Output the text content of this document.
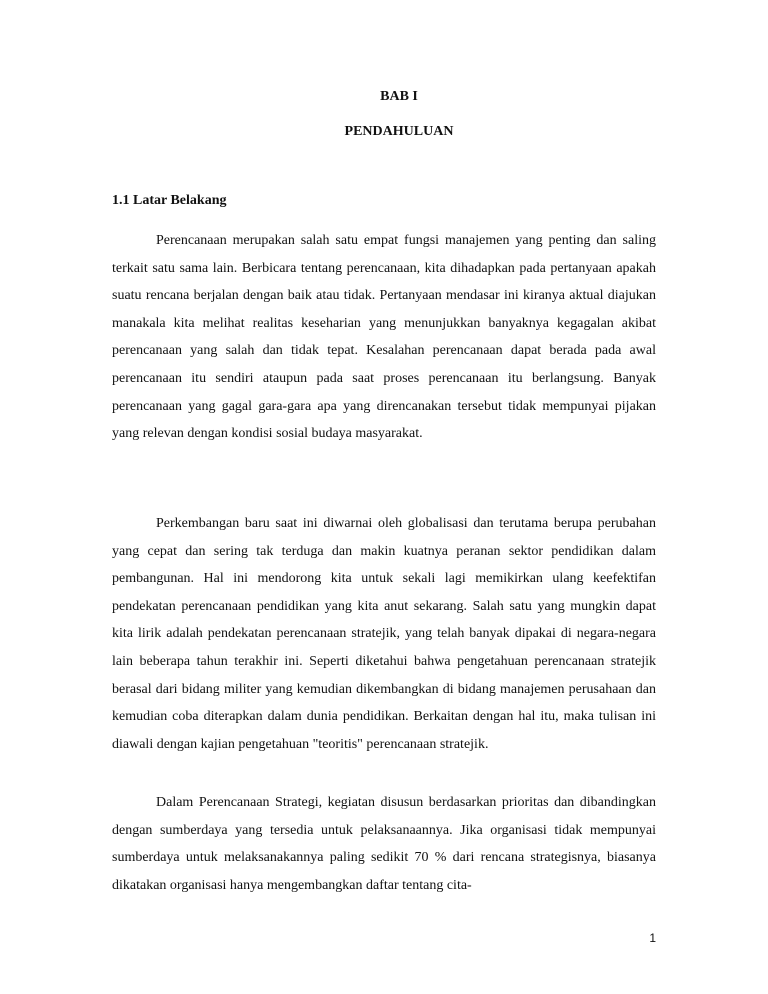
BAB I
PENDAHULUAN
1.1 Latar Belakang

Perencanaan merupakan salah satu empat fungsi manajemen yang penting dan saling terkait satu sama lain. Berbicara tentang perencanaan, kita dihadapkan pada pertanyaan apakah suatu rencana berjalan dengan baik atau tidak. Pertanyaan mendasar ini kiranya aktual diajukan manakala kita melihat realitas keseharian yang menunjukkan banyaknya kegagalan akibat perencanaan yang salah dan tidak tepat. Kesalahan perencanaan dapat berada pada awal perencanaan itu sendiri ataupun pada saat proses perencanaan itu berlangsung. Banyak perencanaan yang gagal gara-gara apa yang direncanakan tersebut tidak mempunyai pijakan yang relevan dengan kondisi sosial budaya masyarakat.

Perkembangan baru saat ini diwarnai oleh globalisasi dan terutama berupa perubahan yang cepat dan sering tak terduga dan makin kuatnya peranan sektor pendidikan dalam pembangunan. Hal ini mendorong kita untuk sekali lagi memikirkan ulang keefektifan pendekatan perencanaan pendidikan yang kita anut sekarang. Salah satu yang mungkin dapat kita lirik adalah pendekatan perencanaan stratejik, yang telah banyak dipakai di negara-negara lain beberapa tahun terakhir ini. Seperti diketahui bahwa pengetahuan perencanaan stratejik berasal dari bidang militer yang kemudian dikembangkan di bidang manajemen perusahaan dan kemudian coba diterapkan dalam dunia pendidikan. Berkaitan dengan hal itu, maka tulisan ini diawali dengan kajian pengetahuan "teoritis" perencanaan stratejik.

Dalam Perencanaan Strategi, kegiatan disusun berdasarkan prioritas dan dibandingkan dengan sumberdaya yang tersedia untuk pelaksanaannya. Jika organisasi tidak mempunyai sumberdaya untuk melaksanakannya paling sedikit 70 % dari rencana strategisnya, biasanya dikatakan organisasi hanya mengembangkan daftar tentang cita-

1
